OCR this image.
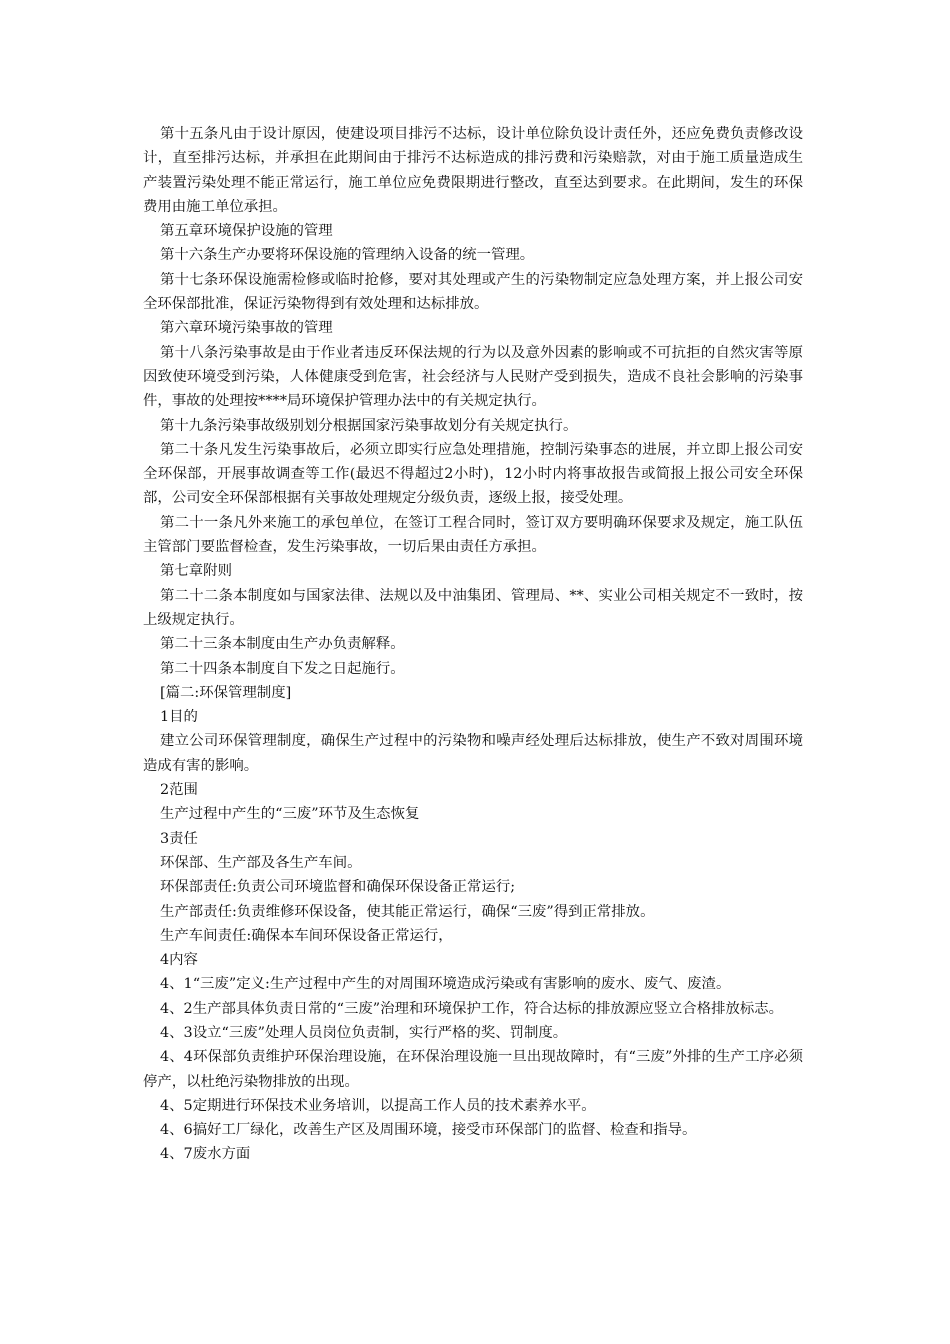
第十五条凡由于设计原因，使建设项目排污不达标，设计单位除负设计责任外，还应免费负责修改设计，直至排污达标，并承担在此期间由于排污不达标造成的排污费和污染赔款，对由于施工质量造成生产装置污染处理不能正常运行，施工单位应免费限期进行整改，直至达到要求。在此期间，发生的环保费用由施工单位承担。

第五章环境保护设施的管理

第十六条生产办要将环保设施的管理纳入设备的统一管理。

第十七条环保设施需检修或临时抢修，要对其处理或产生的污染物制定应急处理方案，并上报公司安全环保部批准，保证污染物得到有效处理和达标排放。

第六章环境污染事故的管理

第十八条污染事故是由于作业者违反环保法规的行为以及意外因素的影响或不可抗拒的自然灾害等原因致使环境受到污染，人体健康受到危害，社会经济与人民财产受到损失，造成不良社会影响的污染事件，事故的处理按****局环境保护管理办法中的有关规定执行。

第十九条污染事故级别划分根据国家污染事故划分有关规定执行。

第二十条凡发生污染事故后，必须立即实行应急处理措施，控制污染事态的进展，并立即上报公司安全环保部，开展事故调查等工作(最迟不得超过2小时)，12小时内将事故报告或简报上报公司安全环保部，公司安全环保部根据有关事故处理规定分级负责，逐级上报，接受处理。

第二十一条凡外来施工的承包单位，在签订工程合同时，签订双方要明确环保要求及规定，施工队伍主管部门要监督检查，发生污染事故，一切后果由责任方承担。

第七章附则

第二十二条本制度如与国家法律、法规以及中油集团、管理局、**、实业公司相关规定不一致时，按上级规定执行。

第二十三条本制度由生产办负责解释。

第二十四条本制度自下发之日起施行。

[篇二:环保管理制度]

1目的

建立公司环保管理制度，确保生产过程中的污染物和噪声经处理后达标排放，使生产不致对周围环境造成有害的影响。

2范围

生产过程中产生的“三废”环节及生态恢复

3责任

环保部、生产部及各生产车间。

环保部责任:负责公司环境监督和确保环保设备正常运行;

生产部责任:负责维修环保设备，使其能正常运行，确保“三废”得到正常排放。

生产车间责任:确保本车间环保设备正常运行，

4内容

4、1“三废”定义:生产过程中产生的对周围环境造成污染或有害影响的废水、废气、废渣。

4、2生产部具体负责日常的“三废”治理和环境保护工作，符合达标的排放源应竖立合格排放标志。

4、3设立“三废”处理人员岗位负责制，实行严格的奖、罚制度。

4、4环保部负责维护环保治理设施，在环保治理设施一旦出现故障时，有“三废”外排的生产工序必须停产，以杜绝污染物排放的出现。

4、5定期进行环保技术业务培训，以提高工作人员的技术素养水平。

4、6搞好工厂绿化，改善生产区及周围环境，接受市环保部门的监督、检查和指导。

4、7废水方面
